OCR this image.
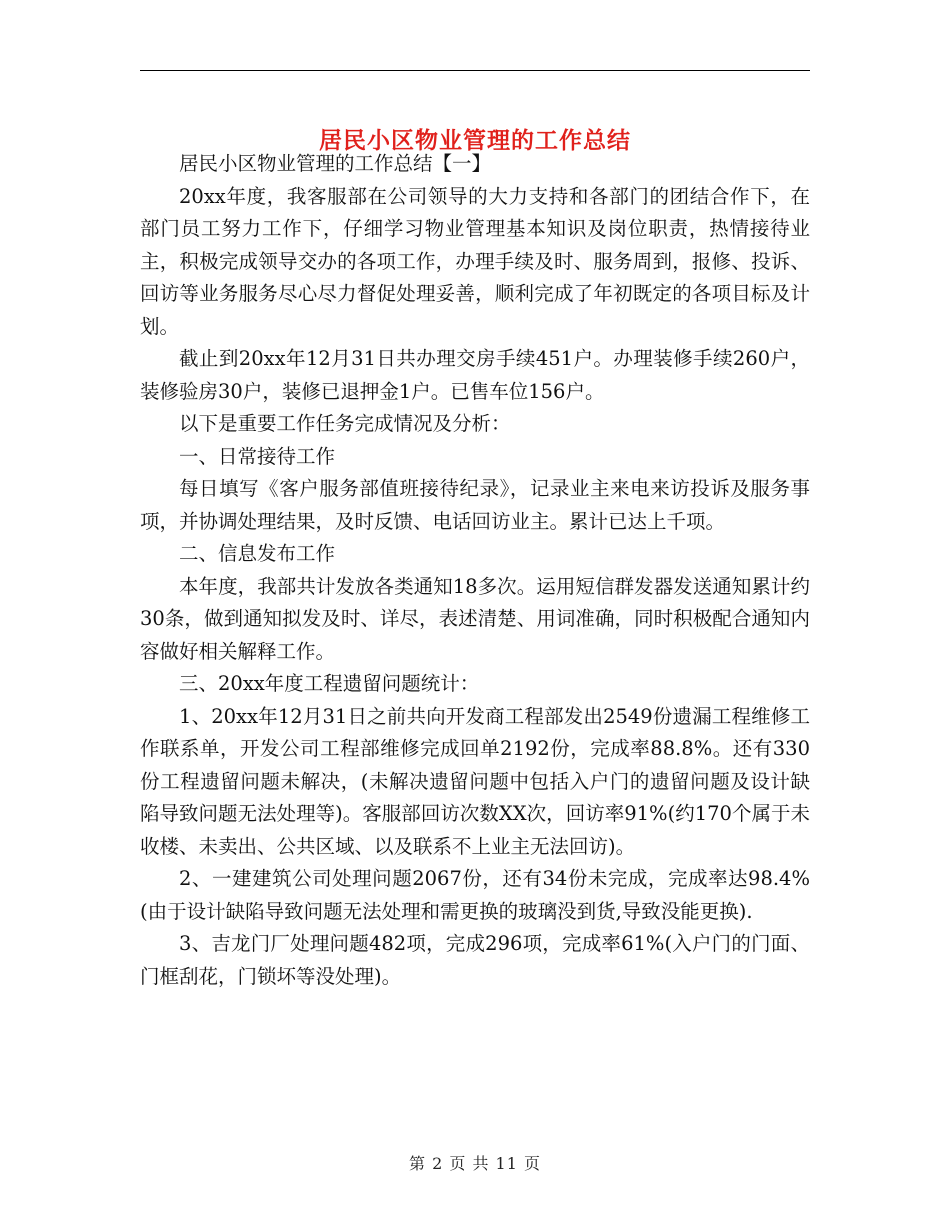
居民小区物业管理的工作总结

居民小区物业管理的工作总结【一】

20xx年度，我客服部在公司领导的大力支持和各部门的团结合作下，在部门员工努力工作下，仔细学习物业管理基本知识及岗位职责，热情接待业主，积极完成领导交办的各项工作，办理手续及时、服务周到，报修、投诉、回访等业务服务尽心尽力督促处理妥善，顺利完成了年初既定的各项目标及计划。

截止到20xx年12月31日共办理交房手续451户。办理装修手续260户，装修验房30户，装修已退押金1户。已售车位156户。

以下是重要工作任务完成情况及分析：

一、日常接待工作

每日填写《客户服务部值班接待纪录》，记录业主来电来访投诉及服务事项，并协调处理结果，及时反馈、电话回访业主。累计已达上千项。

二、信息发布工作

本年度，我部共计发放各类通知18多次。运用短信群发器发送通知累计约30条，做到通知拟发及时、详尽，表述清楚、用词准确，同时积极配合通知内容做好相关解释工作。

三、20xx年度工程遗留问题统计：

1、20xx年12月31日之前共向开发商工程部发出2549份遗漏工程维修工作联系单，开发公司工程部维修完成回单2192份，完成率88.8%。还有330份工程遗留问题未解决，(未解决遗留问题中包括入户门的遗留问题及设计缺陷导致问题无法处理等)。客服部回访次数XX次，回访率91%(约170个属于未收楼、未卖出、公共区域、以及联系不上业主无法回访)。

2、一建建筑公司处理问题2067份，还有34份未完成，完成率达98.4%(由于设计缺陷导致问题无法处理和需更换的玻璃没到货,导致没能更换).

3、吉龙门厂处理问题482项，完成296项，完成率61%(入户门的门面、门框刮花，门锁坏等没处理)。

第 2 页 共 11 页
